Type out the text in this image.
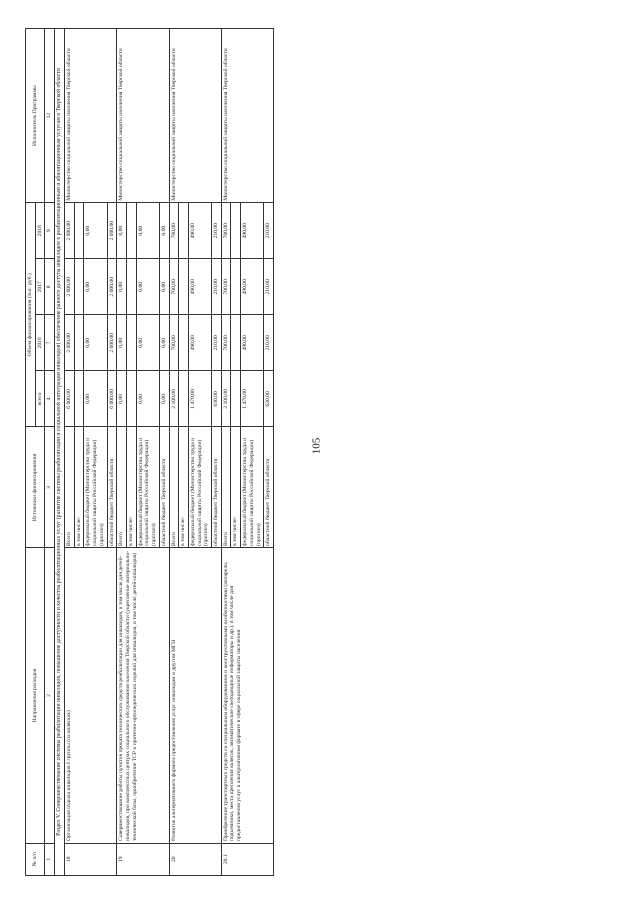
105
№ п/п	Направления расходов	Источники финансирования	Объем финансирования (тыс. руб.)				Исполнитель Программы
			всего	2016	2017	2018	
1	2	3	4	7	8	9	12
Раздел V. Совершенствование системы реабилитации инвалидов, повышение доступности и качества реабилитационных услуг (развитие системы реабилитации и социальной интеграции инвалидов) обеспечение равного доступа инвалидов к реабилитационным и абилитационным услугам в Тверской области							
18	Организация отдыха инвалидов I группы (на колясках)	Всего	6 000,00	2 000,00	2 000,00	2 000,00	Министерство социальной защиты населения Тверской области
		в том числе:					
		федеральный бюджет (Министерство труда и социальной защиты Российской Федерации) (прогноз)	0,00	0,00	0,00	0,00	
		областной бюджет Тверской области	6 000,00	2 000,00	2 000,00	2 000,00	
19	Совершенствование работы пунктов проката технических средств реабилитации для инвалидов, в том числе для детей-инвалидов, при комплексных центрах социального обслуживания населения Тверской области (укрепление материально-технической базы, приобретение ТСР и протезно-ортопедических изделий для инвалидов, в том числе детей-инвалидов)	Всего	0,00	0,00	0,00	0,00	Министерство социальной защиты населения Тверской области
		в том числе:					
		федеральный бюджет (Министерство труда и социальной защиты Российской Федерации) (прогноз)	0,00	0,00	0,00	0,00	
		областной бюджет Тверской области	0,00	0,00	0,00	0,00	
20	Развитие альтернативного формата предоставления услуг инвалидам и другим МГН	Всего	2 100,00	700,00	700,00	700,00	Министерство социальной защиты населения Тверской области
		в том числе:					
		федеральный бюджет (Министерство труда и социальной защиты Российской Федерации) (прогноз)	1 470,00	490,00	490,00	490,00	
		областной бюджет Тверской области	630,00	210,00	210,00	210,00	
20.1	Приобретение транспортных средств со специальным оборудованием и конструктивными особенностями (аппарели, подъемники, места крепления колясок, автоматические светодиодные информаторы и др.), в том числе для предоставления услуг в альтернативном формате в сфере социальной защиты населения	Всего	2 100,00	700,00	700,00	700,00	Министерство социальной защиты населения Тверской области
		в том числе:					
		федеральный бюджет (Министерство труда и социальной защиты Российской Федерации) (прогноз)	1 470,00	490,00	490,00	490,00	
		областной бюджет Тверской области	630,00	210,00	210,00	210,00	
